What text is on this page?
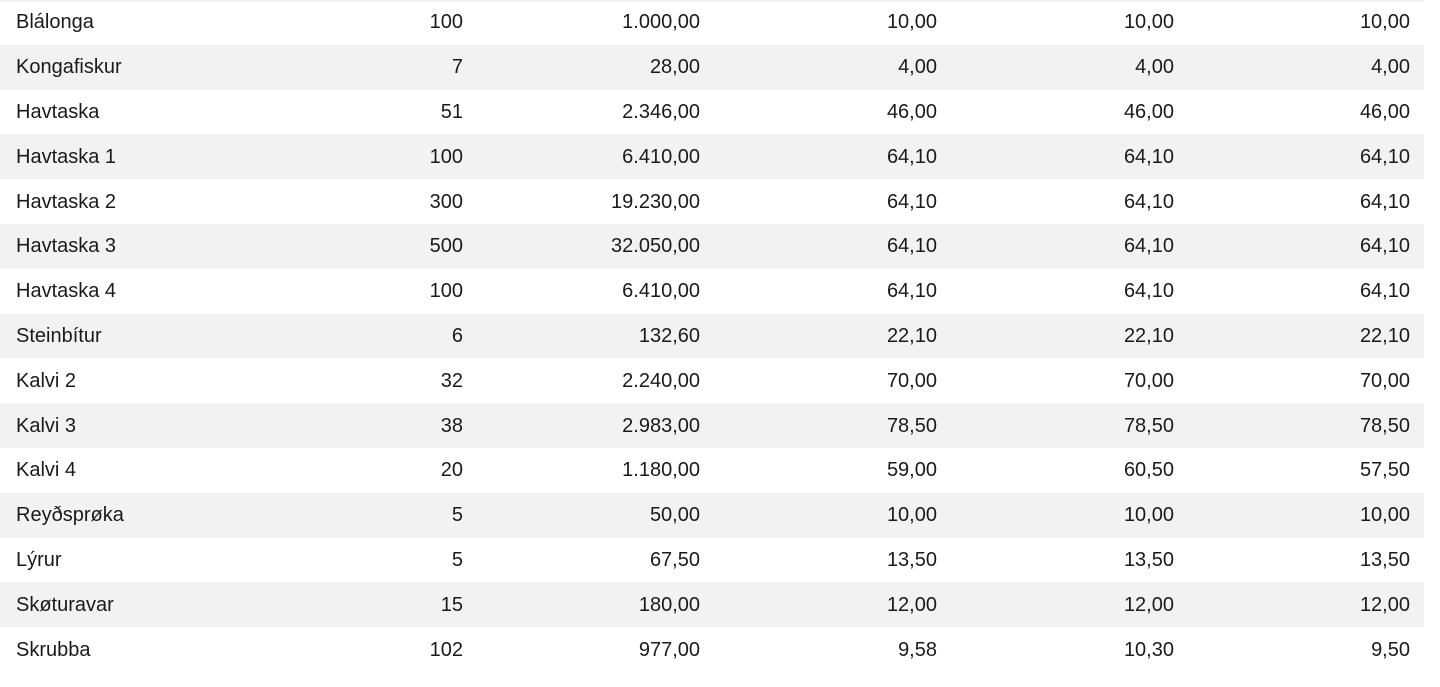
Blálonga	100	1.000,00	10,00	10,00	10,00
Kongafiskur	7	28,00	4,00	4,00	4,00
Havtaska	51	2.346,00	46,00	46,00	46,00
Havtaska 1	100	6.410,00	64,10	64,10	64,10
Havtaska 2	300	19.230,00	64,10	64,10	64,10
Havtaska 3	500	32.050,00	64,10	64,10	64,10
Havtaska 4	100	6.410,00	64,10	64,10	64,10
Steinbítur	6	132,60	22,10	22,10	22,10
Kalvi 2	32	2.240,00	70,00	70,00	70,00
Kalvi 3	38	2.983,00	78,50	78,50	78,50
Kalvi 4	20	1.180,00	59,00	60,50	57,50
Reyðsprøka	5	50,00	10,00	10,00	10,00
Lýrur	5	67,50	13,50	13,50	13,50
Skøturavar	15	180,00	12,00	12,00	12,00
Skrubba	102	977,00	9,58	10,30	9,50
